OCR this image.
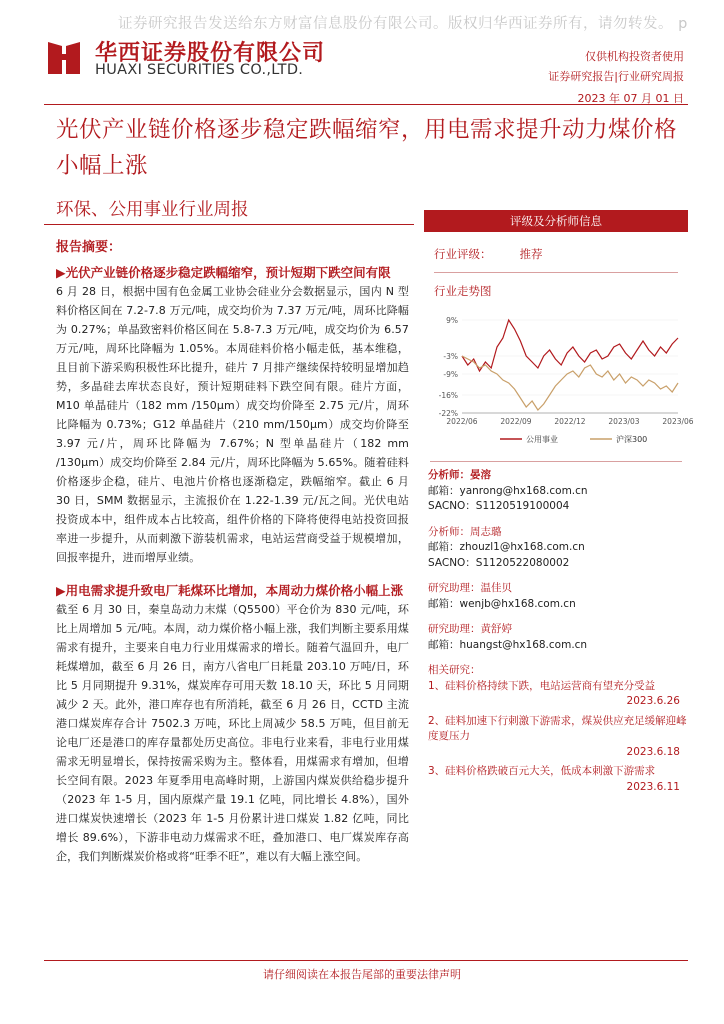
证券研究报告发送给东方财富信息股份有限公司。版权归华西证券所有，请勿转发。 p
华西证券股份有限公司
HUAXI SECURITIES CO.,LTD.
仅供机构投资者使用
证券研究报告|行业研究周报
2023 年 07 月 01 日
光伏产业链价格逐步稳定跌幅缩窄，用电需求提升动力煤价格小幅上涨
环保、公用事业行业周报
报告摘要：
▶光伏产业链价格逐步稳定跌幅缩窄，预计短期下跌空间有限

6 月 28 日，根据中国有色金属工业协会硅业分会数据显示，国内 N 型料价格区间在 7.2-7.8 万元/吨，成交均价为 7.37 万元/吨，周环比降幅为 0.27%；单晶致密料价格区间在 5.8-7.3 万元/吨，成交均价为 6.57 万元/吨，周环比降幅为 1.05%。本周硅料价格小幅走低，基本维稳，且目前下游采购积极性环比提升，硅片 7 月排产继续保持较明显增加趋势，多晶硅去库状态良好，预计短期硅料下跌空间有限。硅片方面，M10 单晶硅片（182 mm /150μm）成交均价降至 2.75 元/片，周环比降幅为 0.73%；G12 单晶硅片（210 mm/150μm）成交均价降至 3.97 元/片，周环比降幅为 7.67%；N 型单晶硅片（182 mm /130μm）成交均价降至 2.84 元/片，周环比降幅为 5.65%。随着硅料价格逐步企稳，硅片、电池片价格也逐渐稳定，跌幅缩窄。截止 6 月 30 日，SMM 数据显示，主流报价在 1.22-1.39 元/瓦之间。光伏电站投资成本中，组件成本占比较高，组件价格的下降将使得电站投资回报率进一步提升，从而刺激下游装机需求，电站运营商受益于规模增加，回报率提升，进而增厚业绩。

▶用电需求提升致电厂耗煤环比增加，本周动力煤价格小幅上涨

截至 6 月 30 日，秦皇岛动力末煤（Q5500）平仓价为 830 元/吨，环比上周增加 5 元/吨。本周，动力煤价格小幅上涨，我们判断主要系用煤需求有提升，主要来自电力行业用煤需求的增长。随着气温回升，电厂耗煤增加，截至 6 月 26 日，南方八省电厂日耗量 203.10 万吨/日，环比 5 月同期提升 9.31%，煤炭库存可用天数 18.10 天，环比 5 月同期减少 2 天。此外，港口库存也有所消耗，截至 6 月 26 日，CCTD 主流港口煤炭库存合计 7502.3 万吨，环比上周减少 58.5 万吨，但目前无论电厂还是港口的库存量都处历史高位。非电行业来看，非电行业用煤需求无明显增长，保持按需采购为主。整体看，用煤需求有增加，但增长空间有限。2023 年夏季用电高峰时期，上游国内煤炭供给稳步提升（2023 年 1-5 月，国内原煤产量 19.1 亿吨，同比增长 4.8%），国外进口煤炭快速增长（2023 年 1-5 月份累计进口煤炭 1.82 亿吨，同比增长 89.6%），下游非电动力煤需求不旺，叠加港口、电厂煤炭库存高企，我们判断煤炭价格或将“旺季不旺”，难以有大幅上涨空间。

评级及分析师信息
行业评级： 推荐
行业走势图
9%
-3%
-9%
-16%
-22%
2022/06	2022/09	2022/12	2023/03	2023/06
公用事业	沪深300
分析师：晏溶
邮箱：yanrong@hx168.com.cn
SACNO：S1120519100004
分析师：周志璐
邮箱：zhouzl1@hx168.com.cn
SACNO：S1120522080002
研究助理：温佳贝
邮箱：wenjb@hx168.com.cn
研究助理：黄舒婷
邮箱：huangst@hx168.com.cn
相关研究：
1、硅料价格持续下跌，电站运营商有望充分受益
2023.6.26
2、硅料加速下行刺激下游需求，煤炭供应充足缓解迎峰度夏压力
2023.6.18
3、硅料价格跌破百元大关，低成本刺激下游需求
2023.6.11
请仔细阅读在本报告尾部的重要法律声明
